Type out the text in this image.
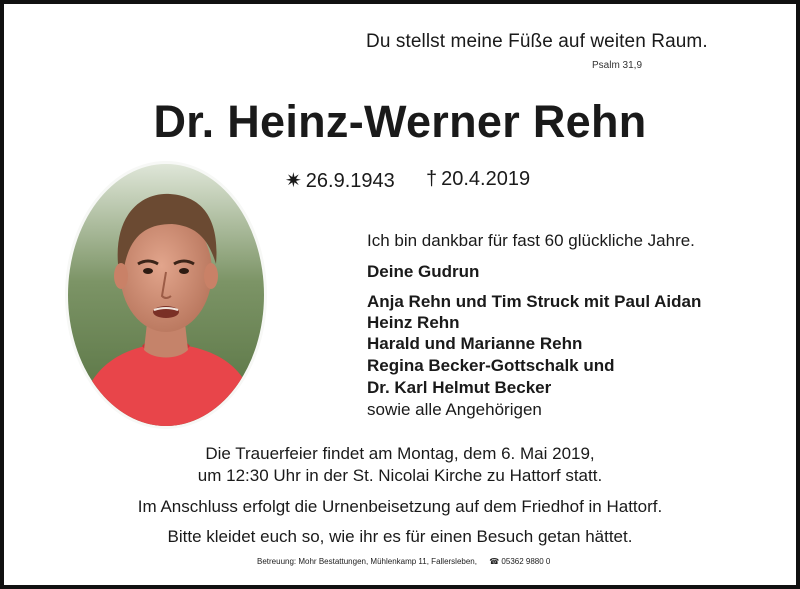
Du stellst meine Füße auf weiten Raum.
Psalm 31,9
Dr. Heinz-Werner Rehn
✷ 26.9.1943 † 20.4.2019
Ich bin dankbar für fast 60 glückliche Jahre.
Deine Gudrun
Anja Rehn und Tim Struck mit Paul Aidan
Heinz Rehn
Harald und Marianne Rehn
Regina Becker-Gottschalk und
Dr. Karl Helmut Becker
sowie alle Angehörigen
Die Trauerfeier findet am Montag, dem 6. Mai 2019,
um 12:30 Uhr in der St. Nicolai Kirche zu Hattorf statt.
Im Anschluss erfolgt die Urnenbeisetzung auf dem Friedhof in Hattorf.
Bitte kleidet euch so, wie ihr es für einen Besuch getan hättet.
Betreuung: Mohr Bestattungen, Mühlenkamp 11, Fallersleben, ☎ 05362 9880 0
